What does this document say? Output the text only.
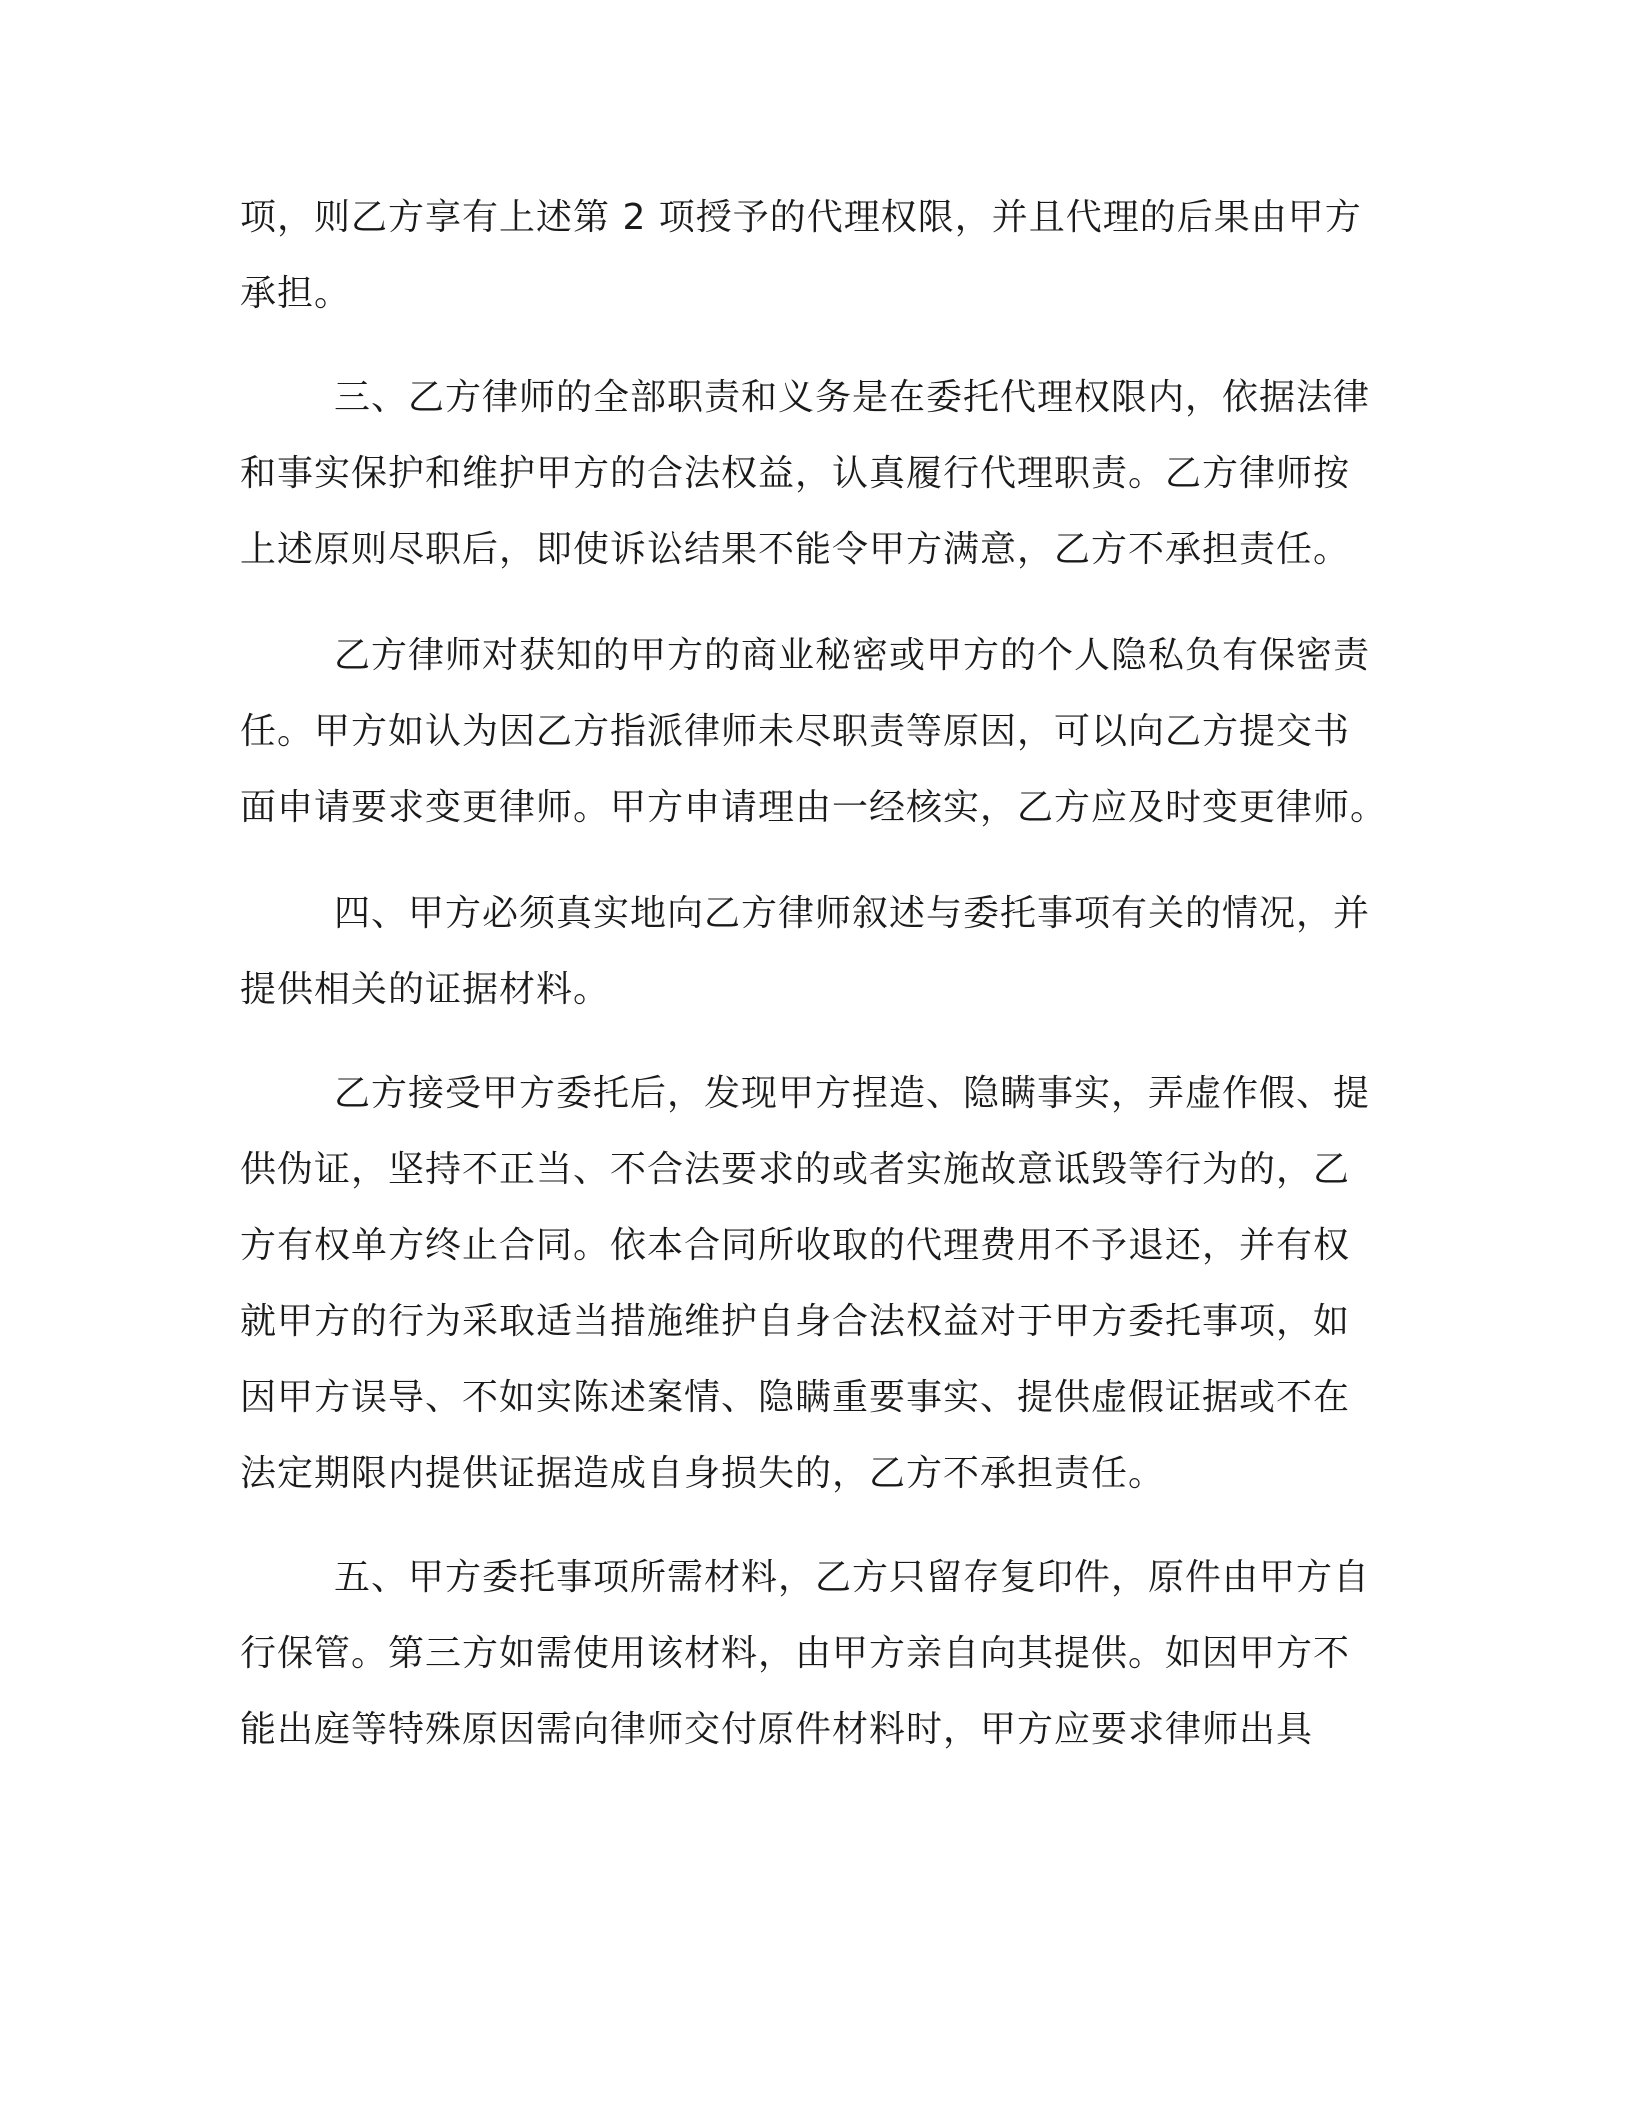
项，则乙方享有上述第 2 项授予的代理权限，并且代理的后果由甲方
承担。
三、乙方律师的全部职责和义务是在委托代理权限内，依据法律
和事实保护和维护甲方的合法权益，认真履行代理职责。乙方律师按
上述原则尽职后，即使诉讼结果不能令甲方满意，乙方不承担责任。
乙方律师对获知的甲方的商业秘密或甲方的个人隐私负有保密责
任。甲方如认为因乙方指派律师未尽职责等原因，可以向乙方提交书
面申请要求变更律师。甲方申请理由一经核实，乙方应及时变更律师。
四、甲方必须真实地向乙方律师叙述与委托事项有关的情况，并
提供相关的证据材料。
乙方接受甲方委托后，发现甲方捏造、隐瞒事实，弄虚作假、提
供伪证，坚持不正当、不合法要求的或者实施故意诋毁等行为的，乙
方有权单方终止合同。依本合同所收取的代理费用不予退还，并有权
就甲方的行为采取适当措施维护自身合法权益对于甲方委托事项，如
因甲方误导、不如实陈述案情、隐瞒重要事实、提供虚假证据或不在
法定期限内提供证据造成自身损失的，乙方不承担责任。
五、甲方委托事项所需材料，乙方只留存复印件，原件由甲方自
行保管。第三方如需使用该材料，由甲方亲自向其提供。如因甲方不
能出庭等特殊原因需向律师交付原件材料时，甲方应要求律师出具
